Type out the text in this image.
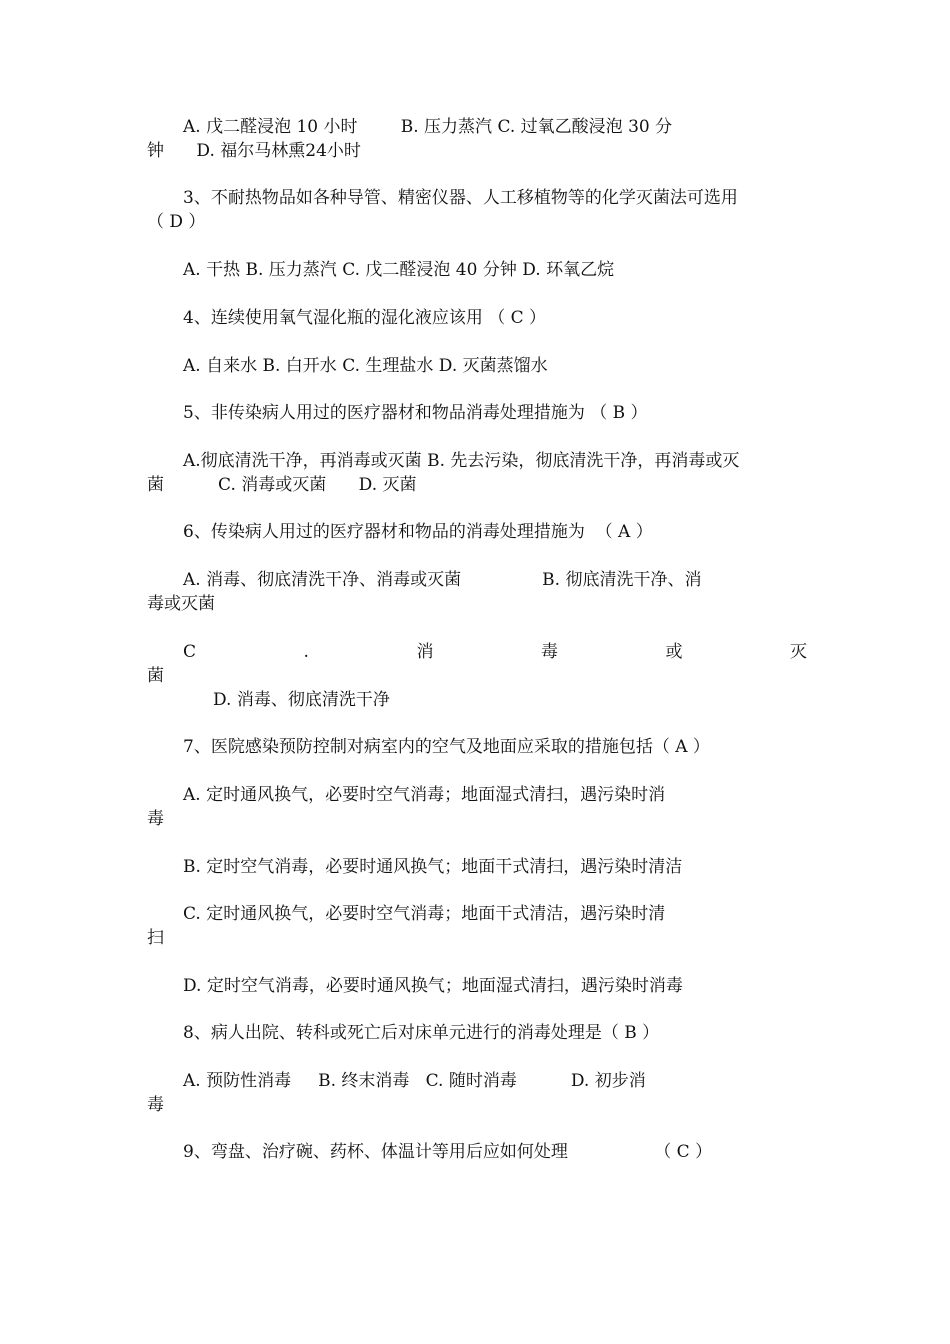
A. 戊二醛浸泡 10 小时        B. 压力蒸汽 C. 过氧乙酸浸泡 30 分
钟      D. 福尔马林熏24小时
3、不耐热物品如各种导管、精密仪器、人工移植物等的化学灭菌法可选用
（ D ）
A. 干热 B. 压力蒸汽 C. 戊二醛浸泡 40 分钟 D. 环氧乙烷
4、连续使用氧气湿化瓶的湿化液应该用 （ C ）
A. 自来水 B. 白开水 C. 生理盐水 D. 灭菌蒸馏水
5、非传染病人用过的医疗器材和物品消毒处理措施为 （ B ）
A.彻底清洗干净，再消毒或灭菌 B. 先去污染，彻底清洗干净，再消毒或灭
菌          C. 消毒或灭菌      D. 灭菌
6、传染病人用过的医疗器材和物品的消毒处理措施为  （ A ）
A. 消毒、彻底清洗干净、消毒或灭菌               B. 彻底清洗干净、消
毒或灭菌
C	.	消	毒	或	灭
菌
D. 消毒、彻底清洗干净
7、医院感染预防控制对病室内的空气及地面应采取的措施包括（ A ）
A. 定时通风换气，必要时空气消毒；地面湿式清扫，遇污染时消
毒
B. 定时空气消毒，必要时通风换气；地面干式清扫，遇污染时清洁
C. 定时通风换气，必要时空气消毒；地面干式清洁，遇污染时清
扫
D. 定时空气消毒，必要时通风换气；地面湿式清扫，遇污染时消毒
8、病人出院、转科或死亡后对床单元进行的消毒处理是（ B ）
A. 预防性消毒     B. 终末消毒   C. 随时消毒          D. 初步消
毒
9、弯盘、治疗碗、药杯、体温计等用后应如何处理                （ C ）
